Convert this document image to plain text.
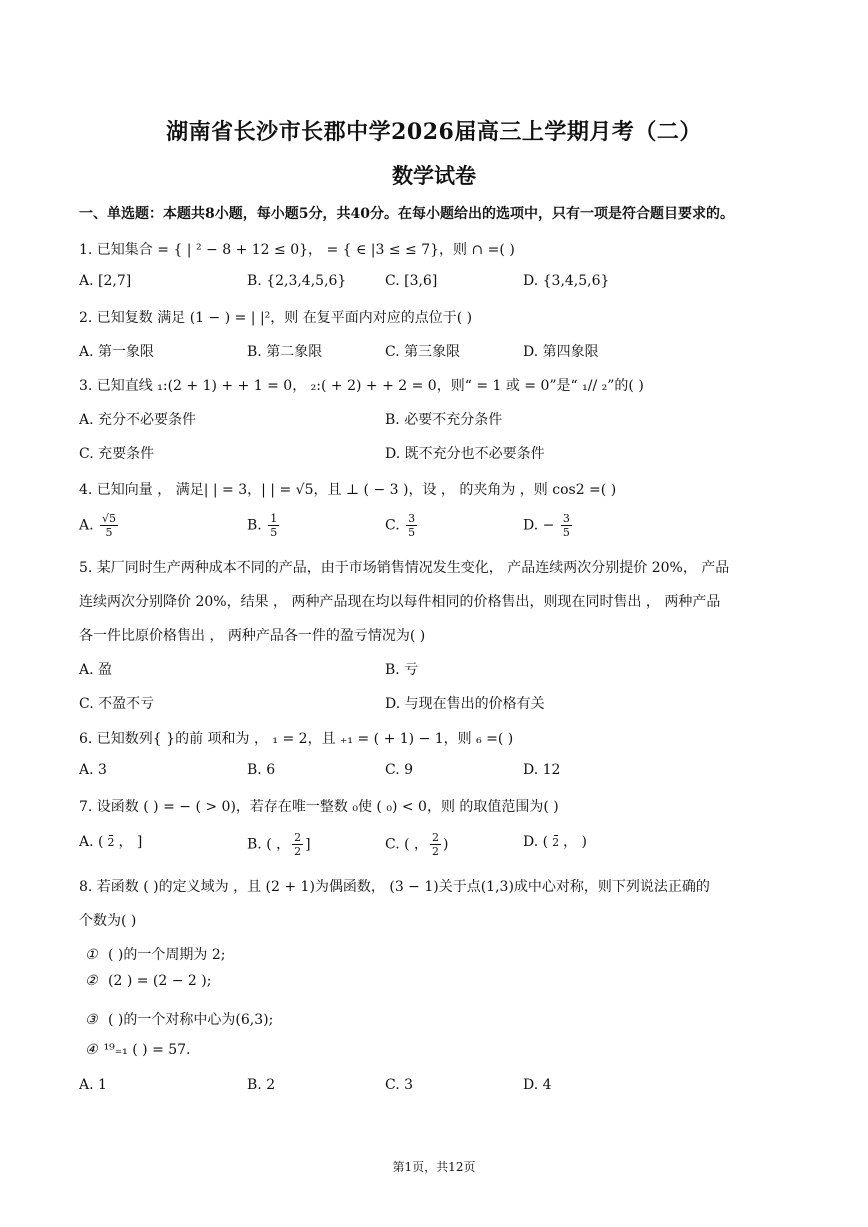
湖南省长沙市长郡中学2026届高三上学期月考（二）
数学试卷
一、单选题：本题共8小题，每小题5分，共40分。在每小题给出的选项中，只有一项是符合题目要求的。
1. 已知集合 = { | ² − 8 + 12 ≤ 0}， = { ∈ |3 ≤ ≤ 7}，则 ∩ =( )
A. [2,7]	B. {2,3,4,5,6}	C. [3,6]	D. {3,4,5,6}
2. 已知复数 满足 (1 − ) = | |²，则 在复平面内对应的点位于( )
A. 第一象限	B. 第二象限	C. 第三象限	D. 第四象限
3. 已知直线 ₁:(2 + 1) + + 1 = 0， ₂:( + 2) + + 2 = 0，则“ = 1 或 = 0”是“ ₁// ₂”的( )
A. 充分不必要条件	B. 必要不充分条件
C. 充要条件	D. 既不充分也不必要条件
4. 已知向量 ， 满足| | = 3，| | = √5，且 ⊥ ( − 3 )，设 ， 的夹角为 ，则 cos2 =( )
A. $\frac{√5}{5}$	B. $\frac{1}{5}$	C. $\frac{3}{5}$	D. − $\frac{3}{5}$
5. 某厂同时生产两种成本不同的产品，由于市场销售情况发生变化， 产品连续两次分别提价 20%， 产品
连续两次分别降价 20%，结果 ， 两种产品现在均以每件相同的价格售出，则现在同时售出 ， 两种产品
各一件比原价格售出 ， 两种产品各一件的盈亏情况为( )
A. 盈	B. 亏
C. 不盈不亏	D. 与现在售出的价格有关
6. 已知数列{ }的前 项和为 ， ₁ = 2，且 ₊₁ = ( + 1) − 1，则 ₆ =( )
A. 3	B. 6	C. 9	D. 12
7. 设函数 ( ) = − ( > 0)，若存在唯一整数 ₀使 ( ₀) < 0，则 的取值范围为( )
A. ( 2 ， ]	B. ( ， $\frac{2}{2}$ ]	C. ( ， $\frac{2}{2}$ )	D. ( 2 ， )
8. 若函数 ( )的定义域为 ，且 (2 + 1)为偶函数， (3 − 1)关于点(1,3)成中心对称，则下列说法正确的
个数为( )
① ( )的一个周期为 2;
② (2 ) = (2 − 2 );
③ ( )的一个对称中心为(6,3);
④ ¹⁹₌₁ ( ) = 57.
A. 1	B. 2	C. 3	D. 4
第1页，共12页
